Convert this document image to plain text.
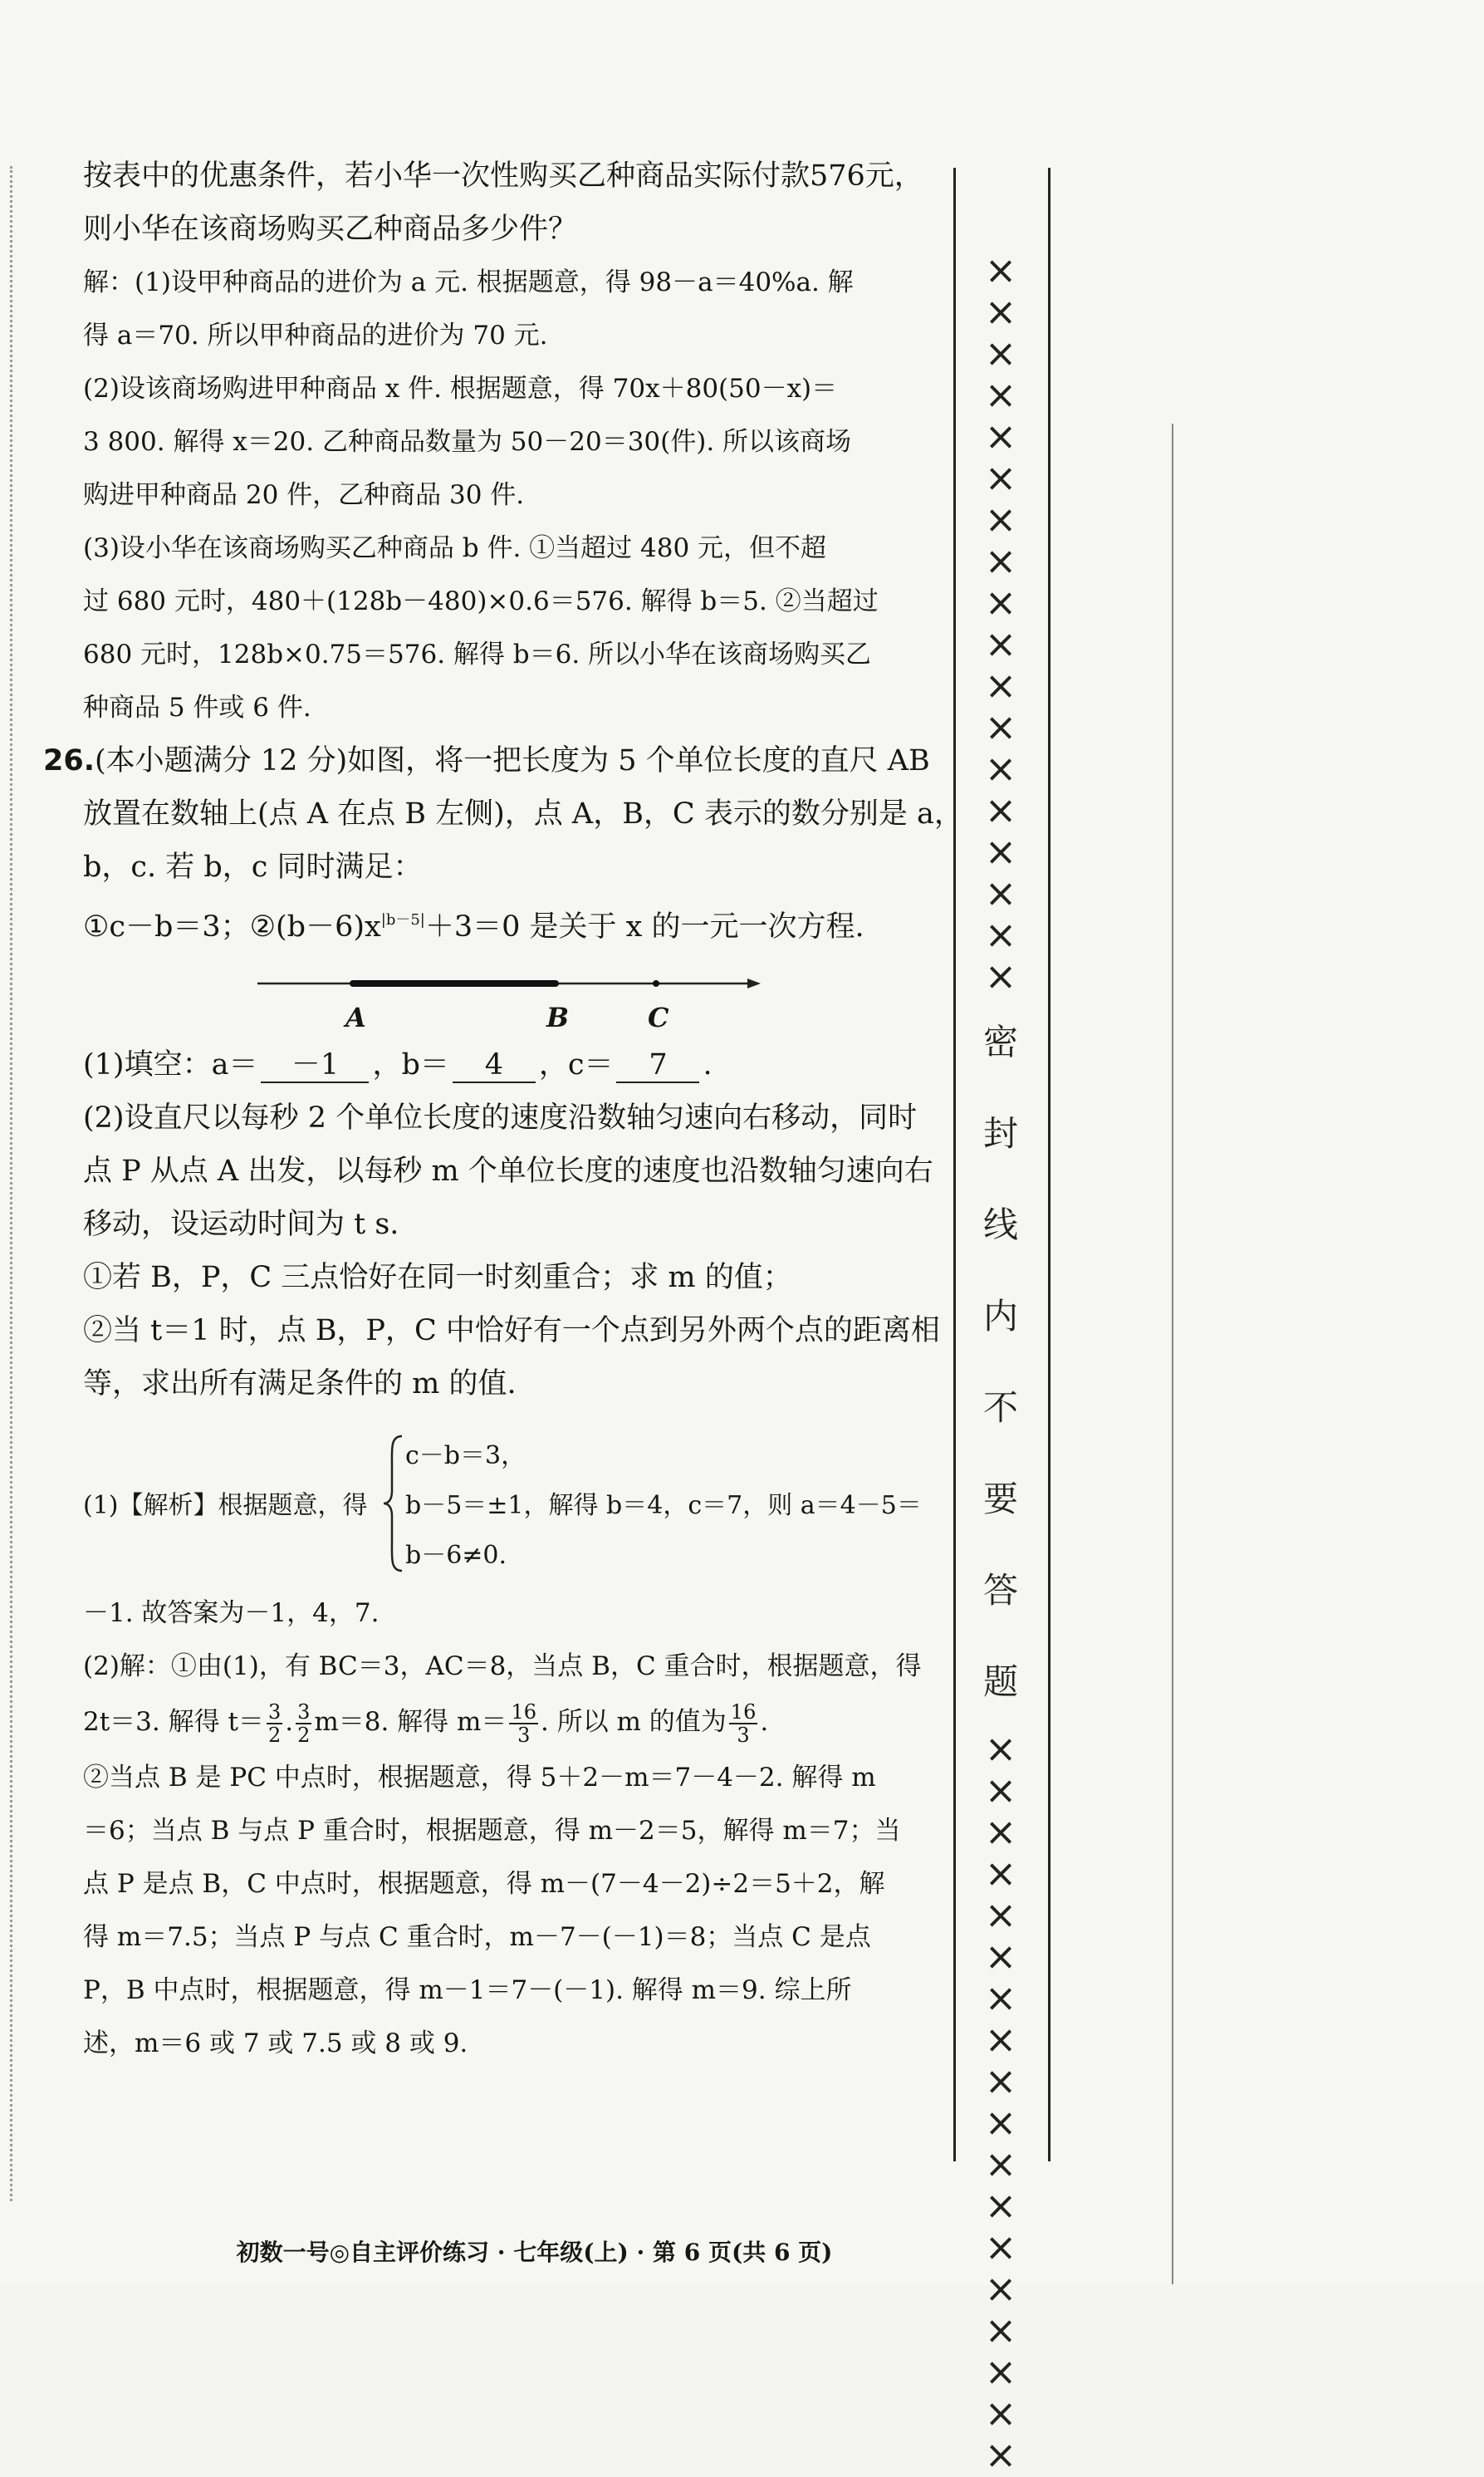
按表中的优惠条件，若小华一次性购买乙种商品实际付款576元，
则小华在该商场购买乙种商品多少件？
解：(1)设甲种商品的进价为 a 元. 根据题意，得 98－a＝40%a. 解
得 a＝70. 所以甲种商品的进价为 70 元.
(2)设该商场购进甲种商品 x 件. 根据题意，得 70x＋80(50－x)＝
3 800. 解得 x＝20. 乙种商品数量为 50－20＝30(件). 所以该商场
购进甲种商品 20 件，乙种商品 30 件.
(3)设小华在该商场购买乙种商品 b 件. ①当超过 480 元，但不超
过 680 元时，480＋(128b－480)×0.6＝576. 解得 b＝5. ②当超过
680 元时，128b×0.75＝576. 解得 b＝6. 所以小华在该商场购买乙
种商品 5 件或 6 件.
26.(本小题满分 12 分)如图，将一把长度为 5 个单位长度的直尺 AB
放置在数轴上(点 A 在点 B 左侧)，点 A，B，C 表示的数分别是 a，
b，c. 若 b，c 同时满足：
①c－b＝3；$②(b-6)x^{|b-5|}+3=0$ 是关于 x 的一元一次方程.
A	B	C
(1)填空：a＝ －1 ，b＝ 4 ，c＝ 7 .
(2)设直尺以每秒 2 个单位长度的速度沿数轴匀速向右移动，同时
点 P 从点 A 出发，以每秒 m 个单位长度的速度也沿数轴匀速向右
移动，设运动时间为 t s.
①若 B，P，C 三点恰好在同一时刻重合；求 m 的值；
②当 t＝1 时，点 B，P，C 中恰好有一个点到另外两个点的距离相
等，求出所有满足条件的 m 的值.
(1)【解析】根据题意，得
c－b＝3，
b－5＝±1，解得 b＝4，c＝7，则 a＝4－5＝
b－6≠0.
－1. 故答案为－1，4，7.
(2)解：①由(1)，有 BC＝3，AC＝8，当点 B，C 重合时，根据题意，得
2t＝3. 解得 $t= \frac{3}{2}$ . $\frac{3}{2} m=8$. 解得 $m= \frac{16}{3}$ . 所以 m 的值为 $\frac{16}{3}$ .
②当点 B 是 PC 中点时，根据题意，得 5＋2－m＝7－4－2. 解得 m
＝6；当点 B 与点 P 重合时，根据题意，得 m－2＝5，解得 m＝7；当
点 P 是点 B，C 中点时，根据题意，得 m－(7－4－2)÷2＝5＋2，解
得 m＝7.5；当点 P 与点 C 重合时，m－7－(－1)＝8；当点 C 是点
P，B 中点时，根据题意，得 m－1＝7－(－1). 解得 m＝9. 综上所
述，m＝6 或 7 或 7.5 或 8 或 9.
×
×
×
×
×
×
×
×
×
×
×
×
×
×
×
×
×
×
密
封
线
内
不
要
答
题
×
×
×
×
×
×
×
×
×
×
×
×
×
×
×
×
×
×
初数一号◎自主评价练习 · 七年级(上) · 第 6 页(共 6 页)
